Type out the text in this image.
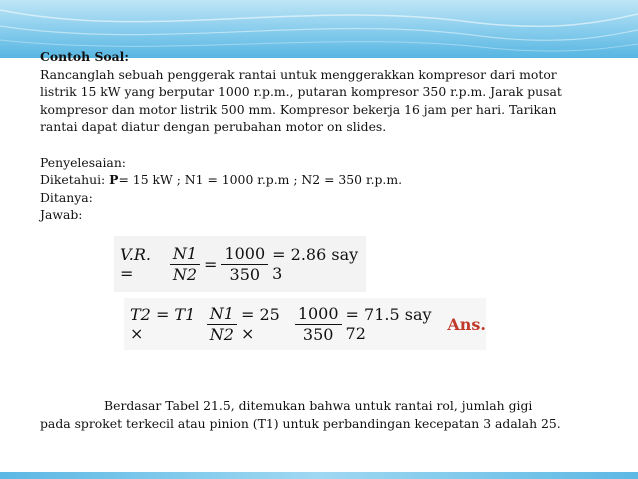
Contoh Soal:

Rancanglah sebuah penggerak rantai untuk menggerakkan kompresor dari motor

listrik 15 kW yang berputar 1000 r.p.m., putaran kompresor 350 r.p.m. Jarak pusat

kompresor dan motor listrik 500 mm. Kompresor bekerja 16 jam per hari. Tarikan

rantai dapat diatur dengan perubahan motor on slides.

Penyelesaian:

Diketahui: P= 15 kW ; N1 = 1000 r.p.m ; N2 = 350 r.p.m.

Ditanya:

Jawab:

V.R. =	$\frac{N1}{N2} = \frac{1000}{350} = 2.86$ say 3
T2 = T1 ×	$\frac{N1}{N2} = 25$ ×	$\frac{1000}{350} = 71.5$ say 72	Ans.

Berdasar Tabel 21.5, ditemukan bahwa untuk rantai rol, jumlah gigi

pada sproket terkecil atau pinion (T1) untuk perbandingan kecepatan 3 adalah 25.
